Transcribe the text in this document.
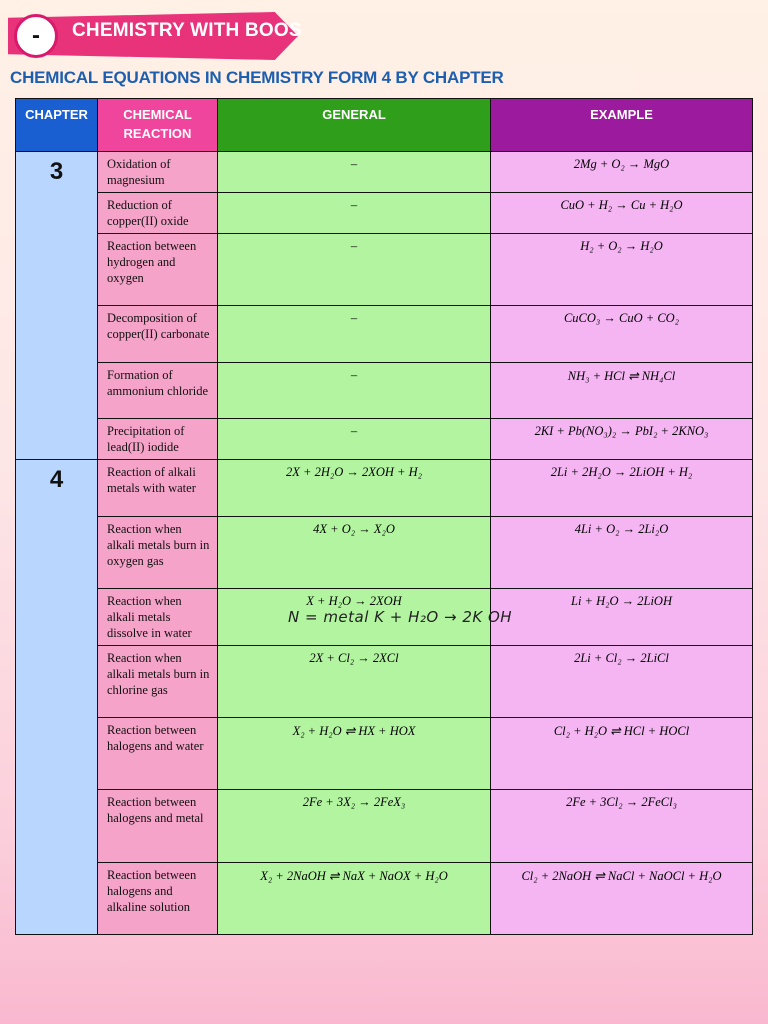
-	CHEMISTRY WITH BOOS
CHEMICAL EQUATIONS IN CHEMISTRY FORM 4 BY CHAPTER
CHAPTER	CHEMICAL REACTION	GENERAL	EXAMPLE
3	Oxidation of magnesium	–	2Mg + O₂ → MgO
	Reduction of copper(II) oxide	–	CuO + H₂ → Cu + H₂O
	Reaction between hydrogen and oxygen	–	H₂ + O₂ → H₂O
	Decomposition of copper(II) carbonate	–	CuCO₃ → CuO + CO₂
	Formation of ammonium chloride	–	NH₃ + HCl ⇌ NH₄Cl
	Precipitation of lead(II) iodide	–	2KI + Pb(NO₃)₂ → PbI₂ + 2KNO₃
4	Reaction of alkali metals with water	2X + 2H₂O → 2XOH + H₂	2Li + 2H₂O → 2LiOH + H₂
	Reaction when alkali metals burn in oxygen gas	4X + O₂ → X₂O	4Li + O₂ → 2Li₂O
	Reaction when alkali metals dissolve in water	X + H₂O → 2XOH	Li + H₂O → 2LiOH
	Reaction when alkali metals burn in chlorine gas	2X + Cl₂ → 2XCl	2Li + Cl₂ → 2LiCl
	Reaction between halogens and water	X₂ + H₂O ⇌ HX + HOX	Cl₂ + H₂O ⇌ HCl + HOCl
	Reaction between halogens and metal	2Fe + 3X₂ → 2FeX₃	2Fe + 3Cl₂ → 2FeCl₃
	Reaction between halogens and alkaline solution	X₂ + 2NaOH ⇌ NaX + NaOX + H₂O	Cl₂ + 2NaOH ⇌ NaCl + NaOCl + H₂O
N = metal K + H₂O → 2K OH
